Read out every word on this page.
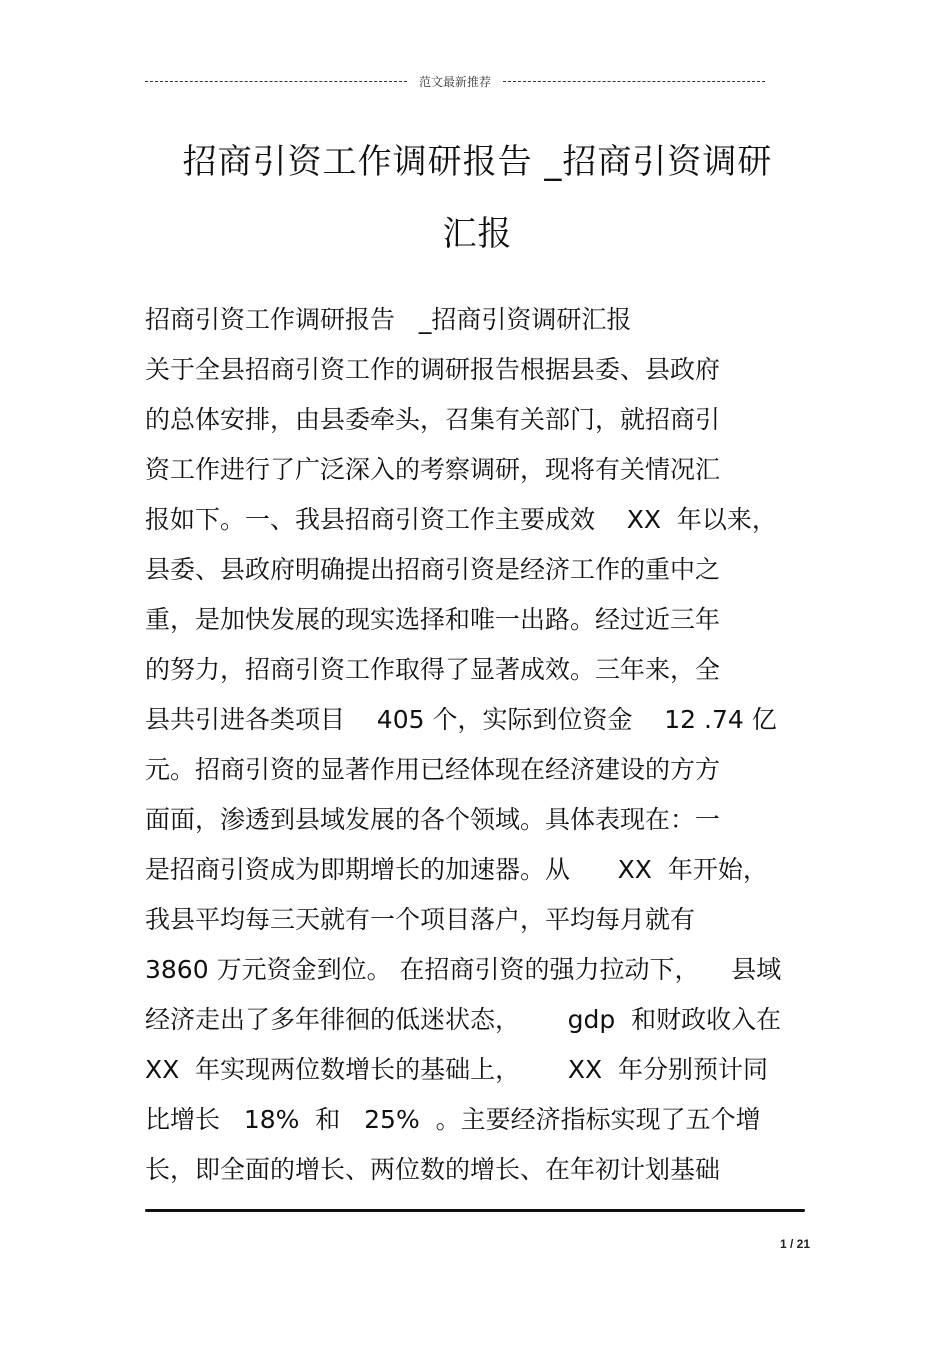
范文最新推荐
招商引资工作调研报告 _招商引资调研
汇报
招商引资工作调研报告   _招商引资调研汇报
关于全县招商引资工作的调研报告根据县委、县政府
的总体安排，由县委牵头，召集有关部门，就招商引
资工作进行了广泛深入的考察调研，现将有关情况汇
报如下。一、我县招商引资工作主要成效    XX  年以来，
县委、县政府明确提出招商引资是经济工作的重中之
重，是加快发展的现实选择和唯一出路。经过近三年
的努力，招商引资工作取得了显著成效。三年来，全
县共引进各类项目    405 个，实际到位资金    12 .74 亿
元。招商引资的显著作用已经体现在经济建设的方方
面面，渗透到县域发展的各个领域。具体表现在：一
是招商引资成为即期增长的加速器。从      XX  年开始，
我县平均每三天就有一个项目落户，平均每月就有
3860 万元资金到位。 在招商引资的强力拉动下，    县域
经济走出了多年徘徊的低迷状态，      gdp  和财政收入在
XX  年实现两位数增长的基础上，      XX  年分别预计同
比增长   18%  和   25%  。主要经济指标实现了五个增
长，即全面的增长、两位数的增长、在年初计划基础
1 / 21
